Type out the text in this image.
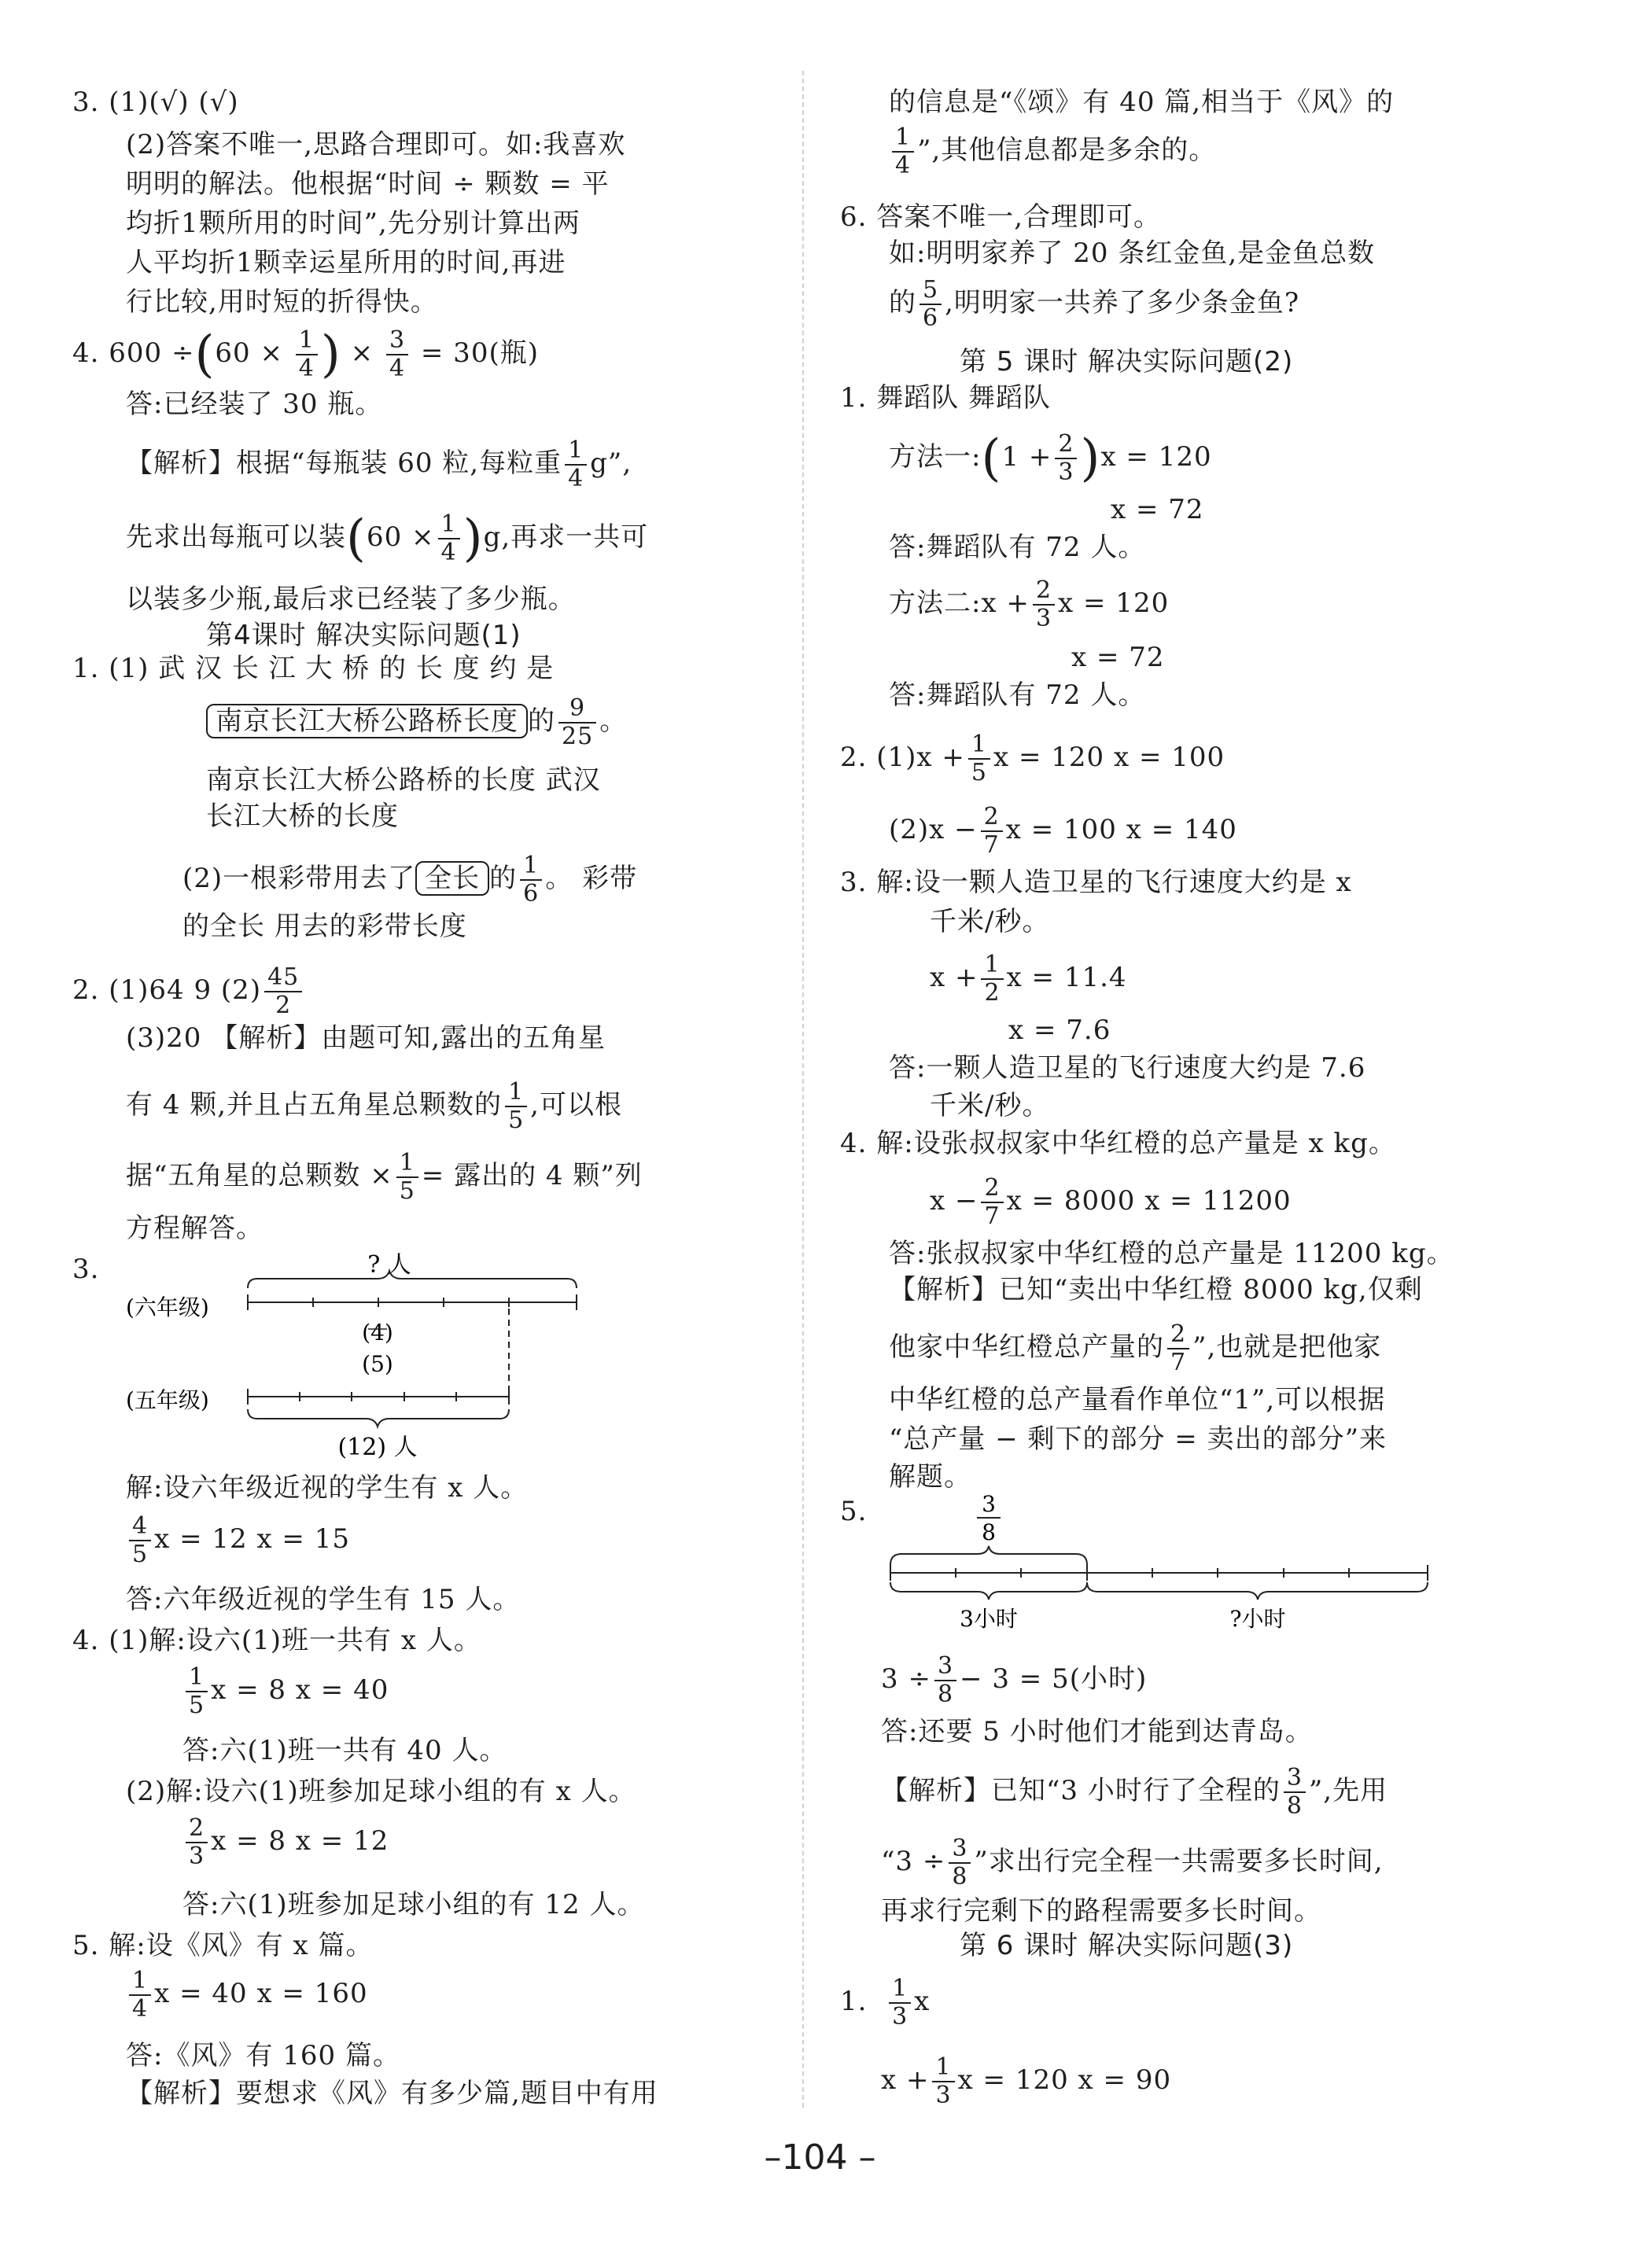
3. (1)(√) (√)
(2)答案不唯一,思路合理即可。如:我喜欢
明明的解法。他根据“时间 ÷ 颗数 = 平
均折1颗所用的时间”,先分别计算出两
人平均折1颗幸运星所用的时间,再进
行比较,用时短的折得快。
4. $600 \div(60 \times \frac{1}{4}$ ) × $\frac{3}{4} = 30$(瓶)
答:已经装了 30 瓶。
【解析】根据“每瓶装 60 粒,每粒重 $\frac{1}{4} g$”,
先求出每瓶可以装$(60 \times \frac{1}{4} )g$,再求一共可
以装多少瓶,最后求已经装了多少瓶。
第4课时 解决实际问题(1)
1. (1) 武 汉 长 江 大 桥 的 长 度 约 是
南京长江大桥公路桥长度 的 $\frac{9}{25}$ 。
南京长江大桥公路桥的长度 武汉
长江大桥的长度
(2)一根彩带用去了 全长 的 $\frac{1}{6}$ 。 彩带
的全长 用去的彩带长度
2. (1)64 9 $(2) \frac{45}{2}$
(3)20 【解析】由题可知,露出的五角星
有 4 颗,并且占五角星总颗数的 $\frac{1}{5}$ ,可以根
据“五角星的总颗数 × $\frac{1}{5}$ = 露出的 4 颗”列
方程解答。
3.	? 人
(六年级)
(4)
(5)
(五年级)
(12) 人
解:设六年级近视的学生有 x 人。
$\frac{4}{5}$ x = 12 x = 15
答:六年级近视的学生有 15 人。
4. (1)解:设六(1)班一共有 x 人。
$\frac{1}{5}$ x = 8 x = 40
答:六(1)班一共有 40 人。
(2)解:设六(1)班参加足球小组的有 x 人。
$\frac{2}{3}$ x = 8 x = 12
答:六(1)班参加足球小组的有 12 人。
5. 解:设《风》有 x 篇。
$\frac{1}{4}$ x = 40 x = 160
答:《风》有 160 篇。
【解析】要想求《风》有多少篇,题目中有用
的信息是“《颂》有 40 篇,相当于《风》的
$\frac{1}{4}$ ”,其他信息都是多余的。
6. 答案不唯一,合理即可。
如:明明家养了 20 条红金鱼,是金鱼总数
的 $\frac{5}{6}$ ,明明家一共养了多少条金鱼?
第 5 课时 解决实际问题(2)
1. 舞蹈队 舞蹈队
方法一:(1 + $\frac{2}{3} )x = 120$
x = 72
答:舞蹈队有 72 人。
方法二:x + $\frac{2}{3}$ x = 120
x = 72
答:舞蹈队有 72 人。
2. $(1)x + \frac{1}{5}$ x = 120 x = 100
$(2)x - \frac{2}{7}$ x = 100 x = 140
3. 解:设一颗人造卫星的飞行速度大约是 x
千米/秒。
$x + \frac{1}{2}$ x = 11.4
x = 7.6
答:一颗人造卫星的飞行速度大约是 7.6
千米/秒。
4. 解:设张叔叔家中华红橙的总产量是 x kg。
$x - \frac{2}{7}$ x = 8000 x = 11200
答:张叔叔家中华红橙的总产量是 11200 kg。
【解析】已知“卖出中华红橙 8000 kg,仅剩
他家中华红橙总产量的 $\frac{2}{7}$ ”,也就是把他家
中华红橙的总产量看作单位“1”,可以根据
“总产量 − 剩下的部分 = 卖出的部分”来
解题。
5.	3
8
3小时	?小时
$3 \div \frac{3}{8} - 3 = 5$(小时)
答:还要 5 小时他们才能到达青岛。
【解析】已知“3 小时行了全程的 $\frac{3}{8}$ ”,先用
“$3 \div \frac{3}{8}$ ”求出行完全程一共需要多长时间,
再求行完剩下的路程需要多长时间。
第 6 课时 解决实际问题(3)
1. $\frac{1}{3}$ x
$x + \frac{1}{3}$ x = 120 x = 90
–104 –
